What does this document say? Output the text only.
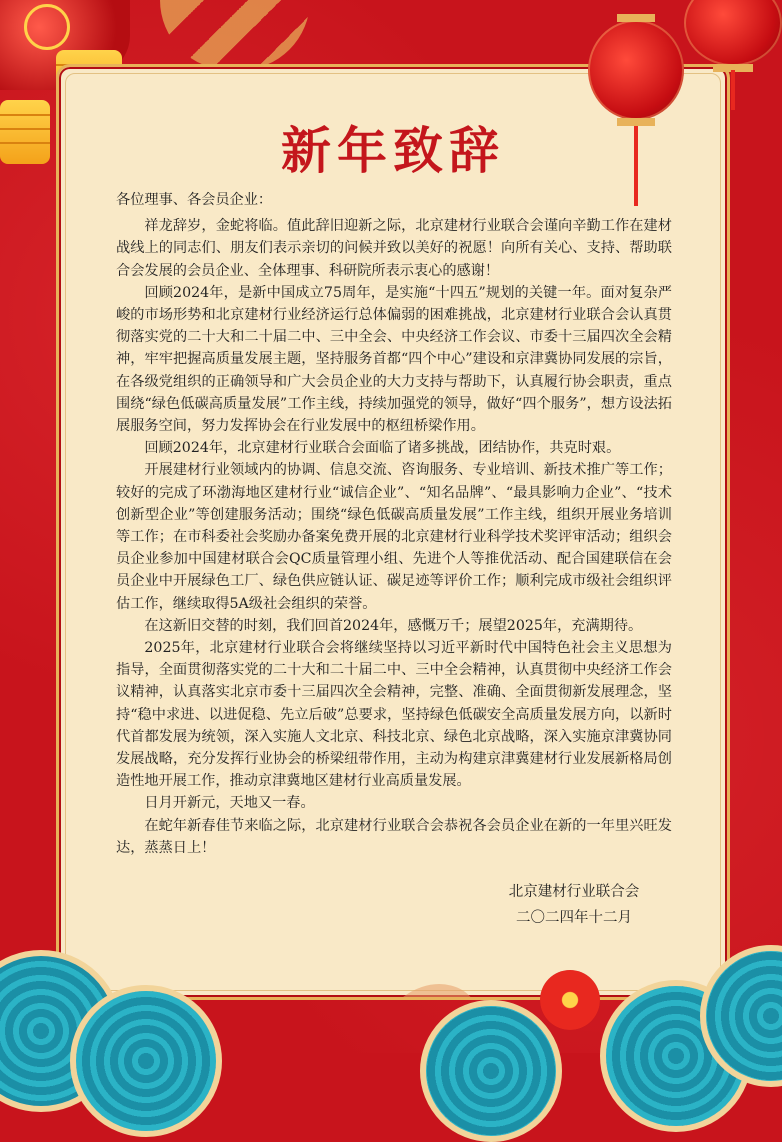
新年致辞

各位理事、各会员企业：

祥龙辞岁，金蛇将临。值此辞旧迎新之际，北京建材行业联合会谨向辛勤工作在建材战线上的同志们、朋友们表示亲切的问候并致以美好的祝愿！向所有关心、支持、帮助联合会发展的会员企业、全体理事、科研院所表示衷心的感谢！

回顾2024年，是新中国成立75周年，是实施“十四五”规划的关键一年。面对复杂严峻的市场形势和北京建材行业经济运行总体偏弱的困难挑战，北京建材行业联合会认真贯彻落实党的二十大和二十届二中、三中全会、中央经济工作会议、市委十三届四次全会精神，牢牢把握高质量发展主题，坚持服务首都“四个中心”建设和京津冀协同发展的宗旨，在各级党组织的正确领导和广大会员企业的大力支持与帮助下，认真履行协会职责，重点围绕“绿色低碳高质量发展”工作主线，持续加强党的领导，做好“四个服务”，想方设法拓展服务空间，努力发挥协会在行业发展中的枢纽桥梁作用。

回顾2024年，北京建材行业联合会面临了诸多挑战，团结协作，共克时艰。

开展建材行业领域内的协调、信息交流、咨询服务、专业培训、新技术推广等工作；较好的完成了环渤海地区建材行业“诚信企业”、“知名品牌”、“最具影响力企业”、“技术创新型企业”等创建服务活动；围绕“绿色低碳高质量发展”工作主线，组织开展业务培训等工作；在市科委社会奖励办备案免费开展的北京建材行业科学技术奖评审活动；组织会员企业参加中国建材联合会QC质量管理小组、先进个人等推优活动、配合国建联信在会员企业中开展绿色工厂、绿色供应链认证、碳足迹等评价工作；顺利完成市级社会组织评估工作，继续取得5A级社会组织的荣誉。

在这新旧交替的时刻，我们回首2024年，感慨万千；展望2025年，充满期待。

2025年，北京建材行业联合会将继续坚持以习近平新时代中国特色社会主义思想为指导，全面贯彻落实党的二十大和二十届二中、三中全会精神，认真贯彻中央经济工作会议精神，认真落实北京市委十三届四次全会精神，完整、准确、全面贯彻新发展理念，坚持“稳中求进、以进促稳、先立后破”总要求，坚持绿色低碳安全高质量发展方向，以新时代首都发展为统领，深入实施人文北京、科技北京、绿色北京战略，深入实施京津冀协同发展战略，充分发挥行业协会的桥梁纽带作用，主动为构建京津冀建材行业发展新格局创造性地开展工作，推动京津冀地区建材行业高质量发展。

日月开新元，天地又一春。

在蛇年新春佳节来临之际，北京建材行业联合会恭祝各会员企业在新的一年里兴旺发达，蒸蒸日上！

北京建材行业联合会
二〇二四年十二月
